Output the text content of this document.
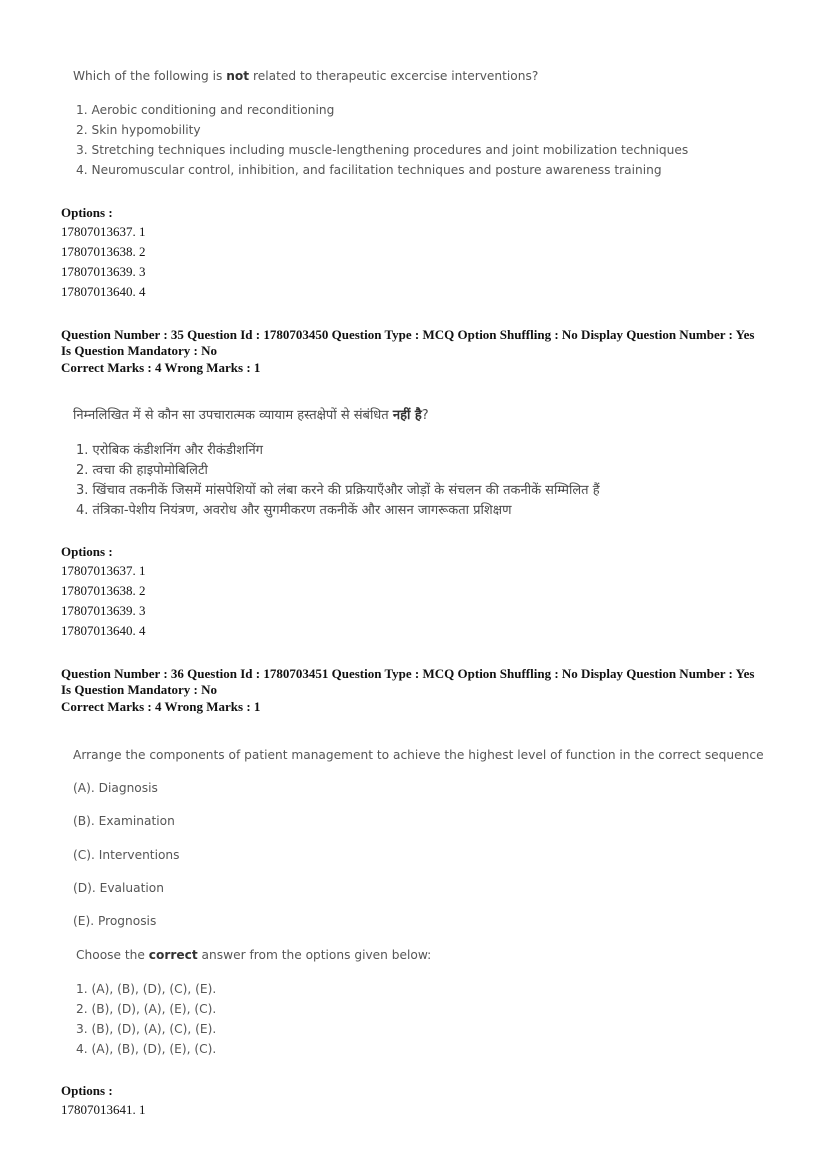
Which of the following is not related to therapeutic excercise interventions?
1. Aerobic conditioning and reconditioning
2. Skin hypomobility
3. Stretching techniques including muscle-lengthening procedures and joint mobilization techniques
4. Neuromuscular control, inhibition, and facilitation techniques and posture awareness training
Options :
17807013637. 1
17807013638. 2
17807013639. 3
17807013640. 4
Question Number : 35 Question Id : 1780703450 Question Type : MCQ Option Shuffling : No Display Question Number : Yes
Is Question Mandatory : No
Correct Marks : 4 Wrong Marks : 1
निम्नलिखित में से कौन सा उपचारात्मक व्यायाम हस्तक्षेपों से संबंधित नहीं है?
1. एरोबिक कंडीशनिंग और रीकंडीशनिंग
2. त्वचा की हाइपोमोबिलिटी
3. खिंचाव तकनीकें जिसमें मांसपेशियों को लंबा करने की प्रक्रियाएँऔर जोड़ों के संचलन की तकनीकें सम्मिलित हैं
4. तंत्रिका-पेशीय नियंत्रण, अवरोध और सुगमीकरण तकनीकें और आसन जागरूकता प्रशिक्षण
Options :
17807013637. 1
17807013638. 2
17807013639. 3
17807013640. 4
Question Number : 36 Question Id : 1780703451 Question Type : MCQ Option Shuffling : No Display Question Number : Yes
Is Question Mandatory : No
Correct Marks : 4 Wrong Marks : 1
Arrange the components of patient management to achieve the highest level of function in the correct sequence
(A). Diagnosis
(B). Examination
(C). Interventions
(D). Evaluation
(E). Prognosis
Choose the correct answer from the options given below:
1. (A), (B), (D), (C), (E).
2. (B), (D), (A), (E), (C).
3. (B), (D), (A), (C), (E).
4. (A), (B), (D), (E), (C).
Options :
17807013641. 1
